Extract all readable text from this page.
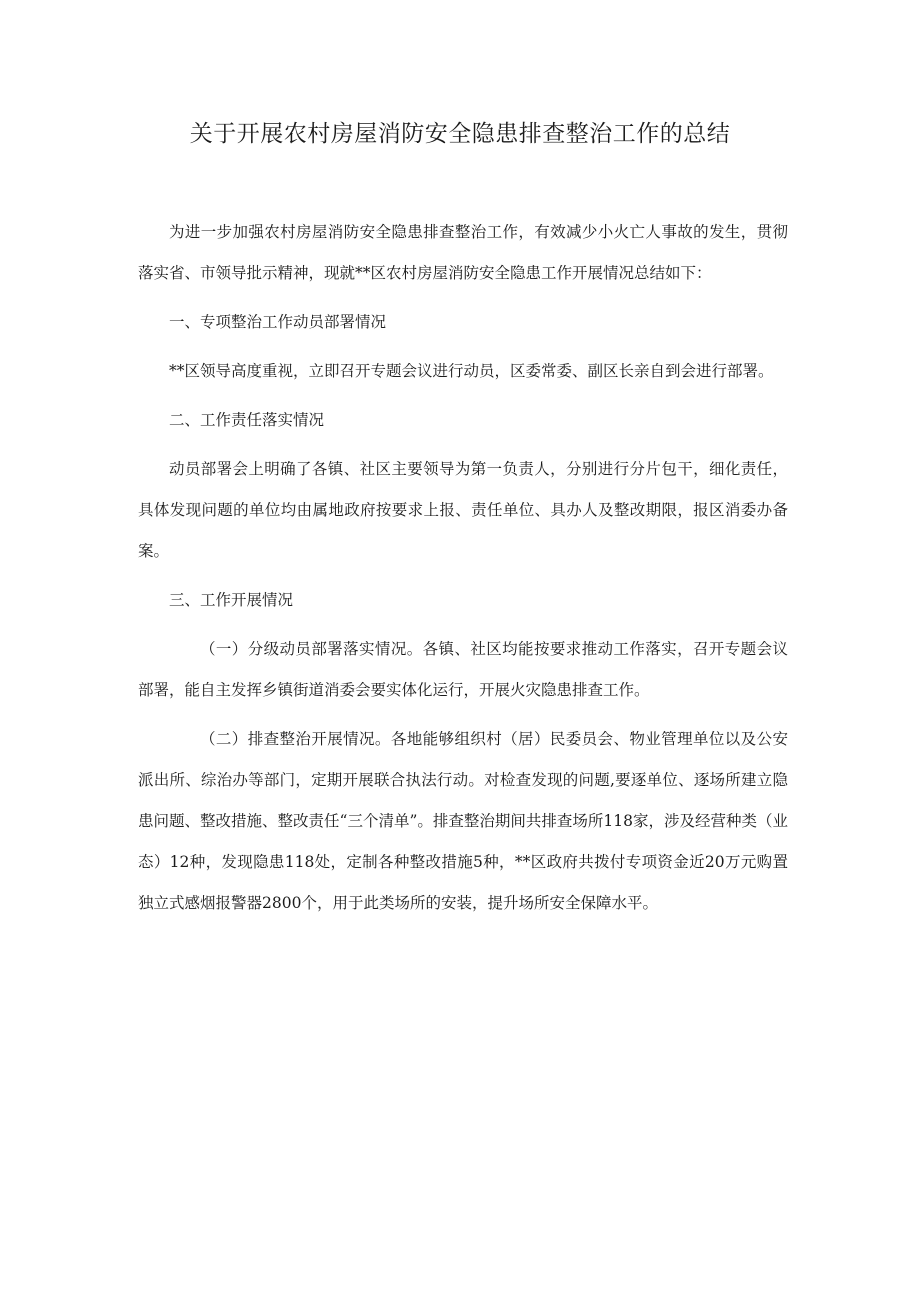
关于开展农村房屋消防安全隐患排查整治工作的总结

为进一步加强农村房屋消防安全隐患排查整治工作，有效减少小火亡人事故的发生，贯彻落实省、市领导批示精神，现就**区农村房屋消防安全隐患工作开展情况总结如下：

一、专项整治工作动员部署情况

**区领导高度重视，立即召开专题会议进行动员，区委常委、副区长亲自到会进行部署。

二、工作责任落实情况

动员部署会上明确了各镇、社区主要领导为第一负责人，分别进行分片包干，细化责任，具体发现问题的单位均由属地政府按要求上报、责任单位、具办人及整改期限，报区消委办备案。

三、工作开展情况

（一）分级动员部署落实情况。各镇、社区均能按要求推动工作落实，召开专题会议部署，能自主发挥乡镇街道消委会要实体化运行，开展火灾隐患排查工作。

（二）排查整治开展情况。各地能够组织村（居）民委员会、物业管理单位以及公安派出所、综治办等部门，定期开展联合执法行动。对检查发现的问题,要逐单位、逐场所建立隐患问题、整改措施、整改责任“三个清单”。排查整治期间共排查场所118家，涉及经营种类（业态）12种，发现隐患118处，定制各种整改措施5种，**区政府共拨付专项资金近20万元购置独立式感烟报警器2800个，用于此类场所的安装，提升场所安全保障水平。
